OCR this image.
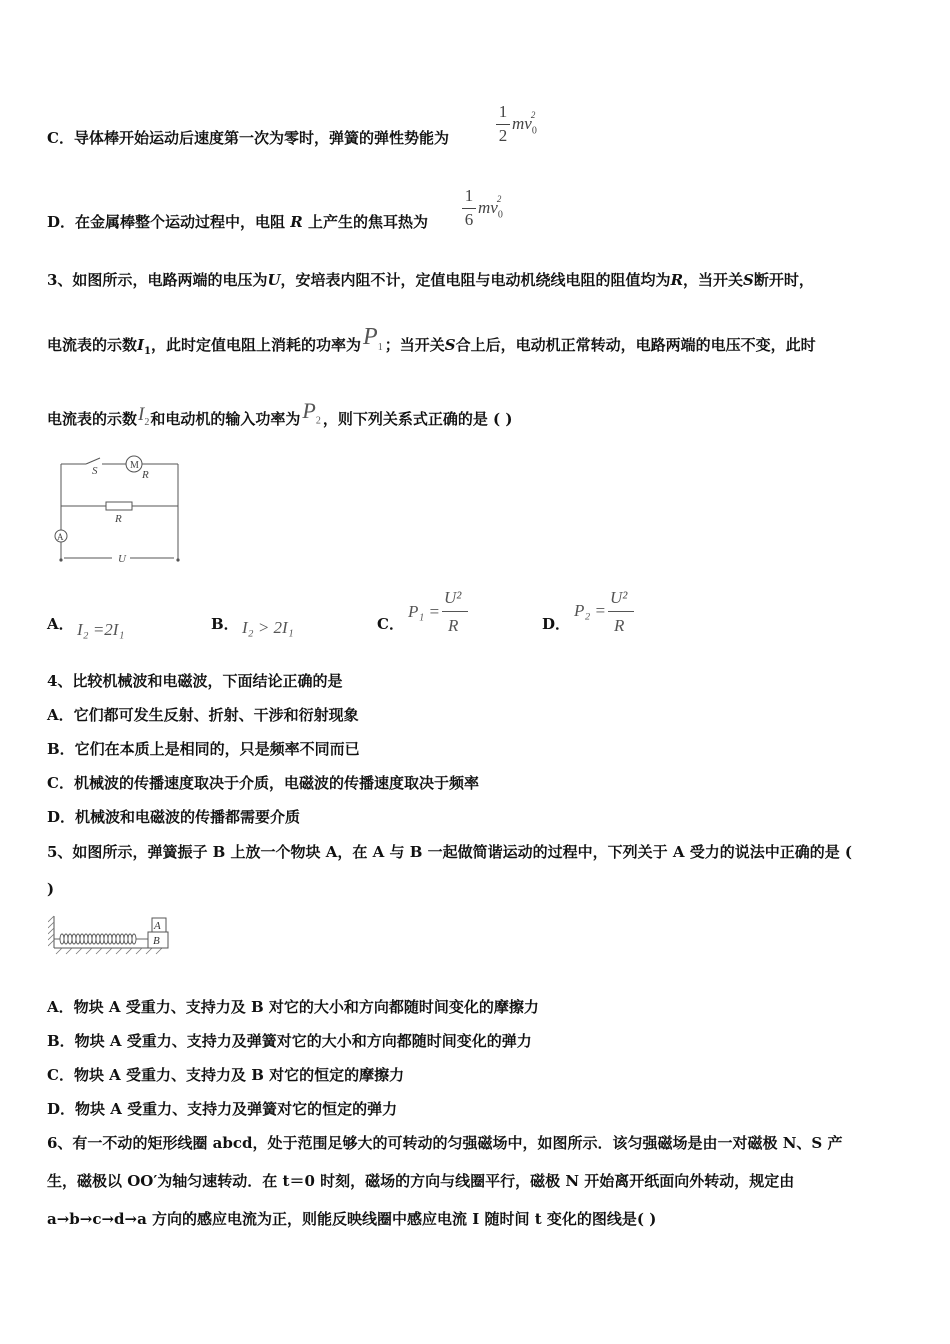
C．导体棒开始运动后速度第一次为零时，弹簧的弹性势能为
1
2
$mv_0^2$
D．在金属棒整个运动过程中，电阻 R 上产生的焦耳热为
1
6
$mv_0^2$
3、如图所示，电路两端的电压为U，安培表内阻不计，定值电阻与电动机绕线电阻的阻值均为R，当开关S断开时，
电流表的示数$I_1$，此时定值电阻上消耗的功率为$P_1$ ；当开关S合上后，电动机正常转动，电路两端的电压不变，此时
电流表的示数$I_2$和电动机的输入功率为$P_2$ ，则下列关系式正确的是 ( )
S	M
R
R
A
U
A． I₂ =2I₁	B． I₂ > 2I₁	C．
P₁ =
U²
R	D．
P₂ =
U²
R
4、比较机械波和电磁波，下面结论正确的是
A．它们都可发生反射、折射、干涉和衍射现象
B．它们在本质上是相同的，只是频率不同而已
C．机械波的传播速度取决于介质，电磁波的传播速度取决于频率
D．机械波和电磁波的传播都需要介质
5、如图所示，弹簧振子 B 上放一个物块 A，在 A 与 B 一起做简谐运动的过程中，下列关于 A 受力的说法中正确的是 (
)
A
B
A．物块 A 受重力、支持力及 B 对它的大小和方向都随时间变化的摩擦力
B．物块 A 受重力、支持力及弹簧对它的大小和方向都随时间变化的弹力
C．物块 A 受重力、支持力及 B 对它的恒定的摩擦力
D．物块 A 受重力、支持力及弹簧对它的恒定的弹力
6、有一不动的矩形线圈 abcd，处于范围足够大的可转动的匀强磁场中，如图所示．该匀强磁场是由一对磁极 N、S 产
生，磁极以 OO′为轴匀速转动．在 t＝0 时刻，磁场的方向与线圈平行，磁极 N 开始离开纸面向外转动，规定由
a→b→c→d→a 方向的感应电流为正，则能反映线圈中感应电流 I 随时间 t 变化的图线是( )
